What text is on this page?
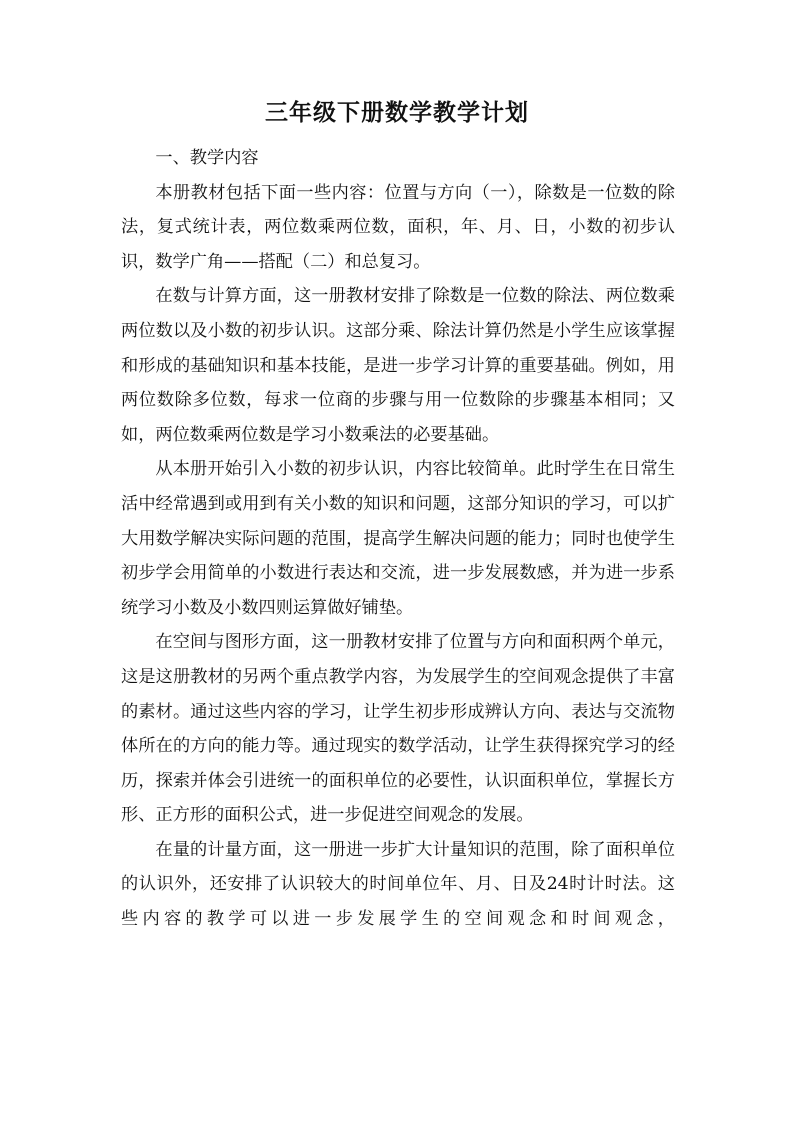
三年级下册数学教学计划

一、教学内容

本册教材包括下面一些内容：位置与方向（一），除数是一位数的除法，复式统计表，两位数乘两位数，面积，年、月、日，小数的初步认识，数学广角——搭配（二）和总复习。

在数与计算方面，这一册教材安排了除数是一位数的除法、两位数乘两位数以及小数的初步认识。这部分乘、除法计算仍然是小学生应该掌握和形成的基础知识和基本技能，是进一步学习计算的重要基础。例如，用两位数除多位数，每求一位商的步骤与用一位数除的步骤基本相同；又如，两位数乘两位数是学习小数乘法的必要基础。

从本册开始引入小数的初步认识，内容比较简单。此时学生在日常生活中经常遇到或用到有关小数的知识和问题，这部分知识的学习，可以扩大用数学解决实际问题的范围，提高学生解决问题的能力；同时也使学生初步学会用简单的小数进行表达和交流，进一步发展数感，并为进一步系统学习小数及小数四则运算做好铺垫。

在空间与图形方面，这一册教材安排了位置与方向和面积两个单元，这是这册教材的另两个重点教学内容，为发展学生的空间观念提供了丰富的素材。通过这些内容的学习，让学生初步形成辨认方向、表达与交流物体所在的方向的能力等。通过现实的数学活动，让学生获得探究学习的经历，探索并体会引进统一的面积单位的必要性，认识面积单位，掌握长方形、正方形的面积公式，进一步促进空间观念的发展。

在量的计量方面，这一册进一步扩大计量知识的范围，除了面积单位的认识外，还安排了认识较大的时间单位年、月、日及24时计时法。这些内容的教学可以进一步发展学生的空间观念和时间观念，
